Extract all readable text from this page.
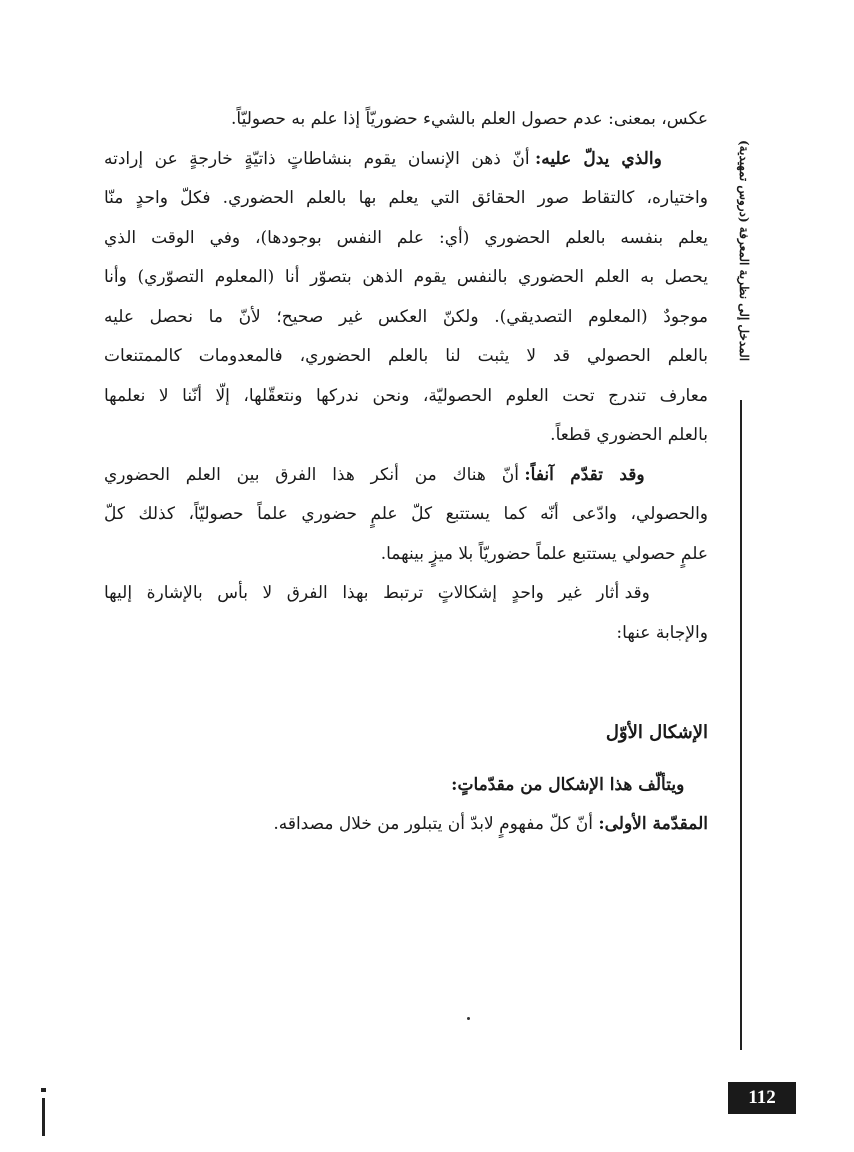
المدخل إلى نظرية المعرفة (دروس تمهيدية)
عكس، بمعنى: عدم حصول العلم بالشيء حضوريّاً إذا علم به حصوليّاً.
والذي يدلّ عليه: أنّ ذهن الإنسان يقوم بنشاطاتٍ ذاتيّةٍ خارجةٍ عن إرادته
واختياره، كالتقاط صور الحقائق التي يعلم بها بالعلم الحضوري. فكلّ واحدٍ منّا
يعلم بنفسه بالعلم الحضوري (أي: علم النفس بوجودها)، وفي الوقت الذي
يحصل به العلم الحضوري بالنفس يقوم الذهن بتصوّر أنا (المعلوم التصوّري) وأنا
موجودٌ (المعلوم التصديقي). ولكنّ العكس غير صحيح؛ لأنّ ما نحصل عليه
بالعلم الحصولي قد لا يثبت لنا بالعلم الحضوري، فالمعدومات كالممتنعات
معارف تندرج تحت العلوم الحصوليّة، ونحن ندركها ونتعقّلها، إلّا أنّنا لا نعلمها
بالعلم الحضوري قطعاً.
وقد تقدّم آنفاً: أنّ هناك من أنكر هذا الفرق بين العلم الحضوري
والحصولي، وادّعى أنّه كما يستتبع كلّ علمٍ حضوري علماً حصوليّاً، كذلك كلّ
علمٍ حصولي يستتبع علماً حضوريّاً بلا ميزٍ بينهما.
وقد أثار غير واحدٍ إشكالاتٍ ترتبط بهذا الفرق لا بأس بالإشارة إليها
والإجابة عنها:
الإشكال الأوّل
ويتألّف هذا الإشكال من مقدّماتٍ:
المقدّمة الأولى: أنّ كلّ مفهومٍ لابدّ أن يتبلور من خلال مصداقه.
112
